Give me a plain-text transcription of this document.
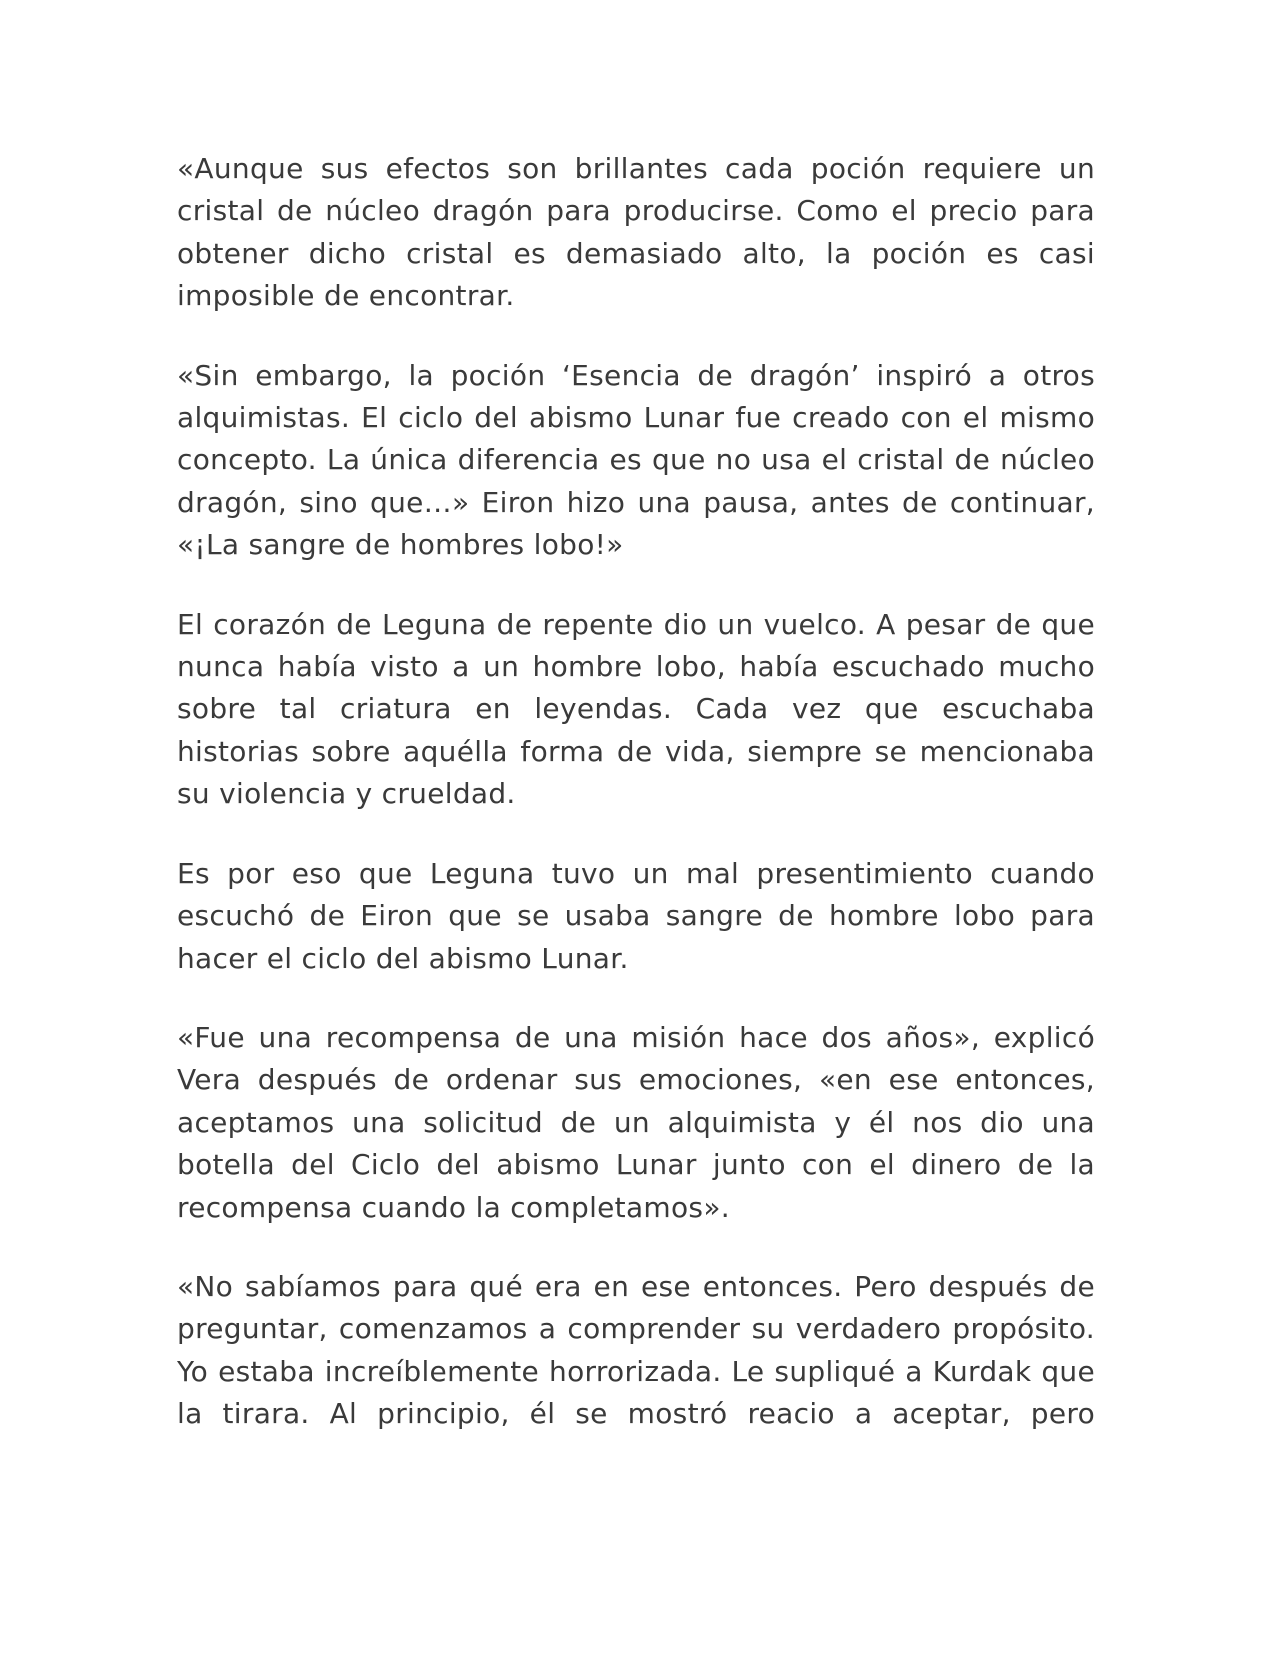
«Aunque sus efectos son brillantes cada poción requiere un cristal de núcleo dragón para producirse. Como el precio para obtener dicho cristal es demasiado alto, la poción es casi imposible de encontrar.

«Sin embargo, la poción ‘Esencia de dragón’ inspiró a otros alquimistas. El ciclo del abismo Lunar fue creado con el mismo concepto. La única diferencia es que no usa el cristal de núcleo dragón, sino que…» Eiron hizo una pausa, antes de continuar, «¡La sangre de hombres lobo!»

El corazón de Leguna de repente dio un vuelco. A pesar de que nunca había visto a un hombre lobo, había escuchado mucho sobre tal criatura en leyendas. Cada vez que escuchaba historias sobre aquélla forma de vida, siempre se mencionaba su violencia y crueldad.

Es por eso que Leguna tuvo un mal presentimiento cuando escuchó de Eiron que se usaba sangre de hombre lobo para hacer el ciclo del abismo Lunar.

«Fue una recompensa de una misión hace dos años», explicó Vera después de ordenar sus emociones, «en ese entonces, aceptamos una solicitud de un alquimista y él nos dio una botella del Ciclo del abismo Lunar junto con el dinero de la recompensa cuando la completamos».

«No sabíamos para qué era en ese entonces. Pero después de preguntar, comenzamos a comprender su verdadero propósito. Yo estaba increíblemente horrorizada. Le supliqué a Kurdak que la tirara. Al principio, él se mostró reacio a aceptar, pero
